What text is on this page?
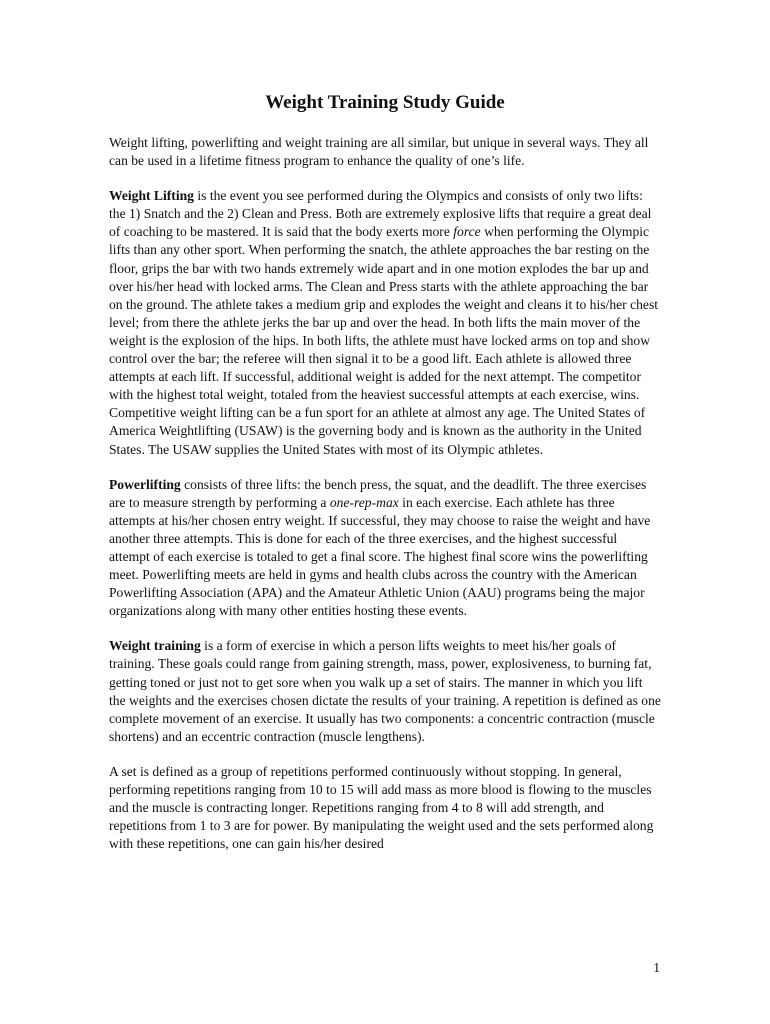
Weight Training Study Guide

Weight lifting, powerlifting and weight training are all similar, but unique in several ways. They all can be used in a lifetime fitness program to enhance the quality of one’s life.

Weight Lifting is the event you see performed during the Olympics and consists of only two lifts: the 1) Snatch and the 2) Clean and Press. Both are extremely explosive lifts that require a great deal of coaching to be mastered. It is said that the body exerts more force when performing the Olympic lifts than any other sport. When performing the snatch, the athlete approaches the bar resting on the floor, grips the bar with two hands extremely wide apart and in one motion explodes the bar up and over his/her head with locked arms. The Clean and Press starts with the athlete approaching the bar on the ground. The athlete takes a medium grip and explodes the weight and cleans it to his/her chest level; from there the athlete jerks the bar up and over the head. In both lifts the main mover of the weight is the explosion of the hips. In both lifts, the athlete must have locked arms on top and show control over the bar; the referee will then signal it to be a good lift. Each athlete is allowed three attempts at each lift. If successful, additional weight is added for the next attempt. The competitor with the highest total weight, totaled from the heaviest successful attempts at each exercise, wins. Competitive weight lifting can be a fun sport for an athlete at almost any age. The United States of America Weightlifting (USAW) is the governing body and is known as the authority in the United States. The USAW supplies the United States with most of its Olympic athletes.

Powerlifting consists of three lifts: the bench press, the squat, and the deadlift. The three exercises are to measure strength by performing a one-rep-max in each exercise. Each athlete has three attempts at his/her chosen entry weight. If successful, they may choose to raise the weight and have another three attempts. This is done for each of the three exercises, and the highest successful attempt of each exercise is totaled to get a final score. The highest final score wins the powerlifting meet. Powerlifting meets are held in gyms and health clubs across the country with the American Powerlifting Association (APA) and the Amateur Athletic Union (AAU) programs being the major organizations along with many other entities hosting these events.

Weight training is a form of exercise in which a person lifts weights to meet his/her goals of training. These goals could range from gaining strength, mass, power, explosiveness, to burning fat, getting toned or just not to get sore when you walk up a set of stairs. The manner in which you lift the weights and the exercises chosen dictate the results of your training. A repetition is defined as one complete movement of an exercise. It usually has two components: a concentric contraction (muscle shortens) and an eccentric contraction (muscle lengthens).

A set is defined as a group of repetitions performed continuously without stopping. In general, performing repetitions ranging from 10 to 15 will add mass as more blood is flowing to the muscles and the muscle is contracting longer. Repetitions ranging from 4 to 8 will add strength, and repetitions from 1 to 3 are for power. By manipulating the weight used and the sets performed along with these repetitions, one can gain his/her desired

1
